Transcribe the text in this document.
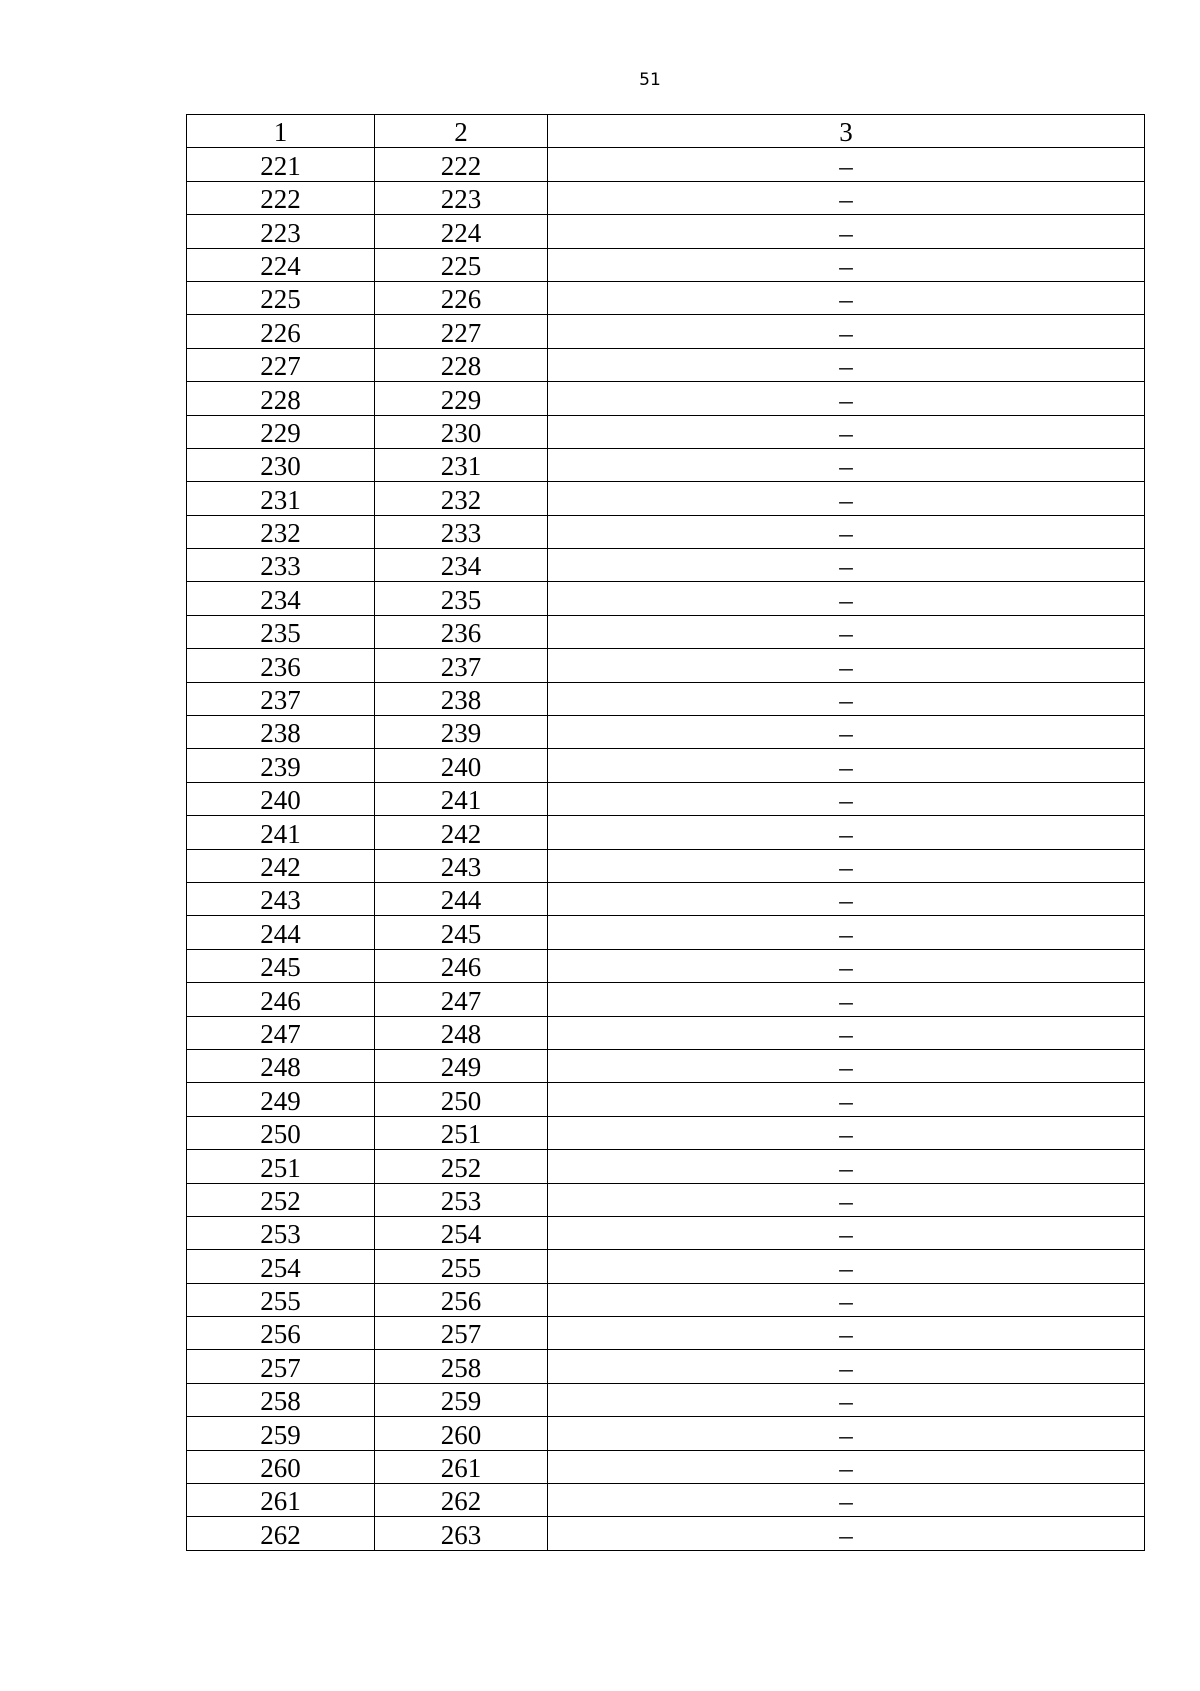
51
1	2	3
221	222	–
222	223	–
223	224	–
224	225	–
225	226	–
226	227	–
227	228	–
228	229	–
229	230	–
230	231	–
231	232	–
232	233	–
233	234	–
234	235	–
235	236	–
236	237	–
237	238	–
238	239	–
239	240	–
240	241	–
241	242	–
242	243	–
243	244	–
244	245	–
245	246	–
246	247	–
247	248	–
248	249	–
249	250	–
250	251	–
251	252	–
252	253	–
253	254	–
254	255	–
255	256	–
256	257	–
257	258	–
258	259	–
259	260	–
260	261	–
261	262	–
262	263	–
